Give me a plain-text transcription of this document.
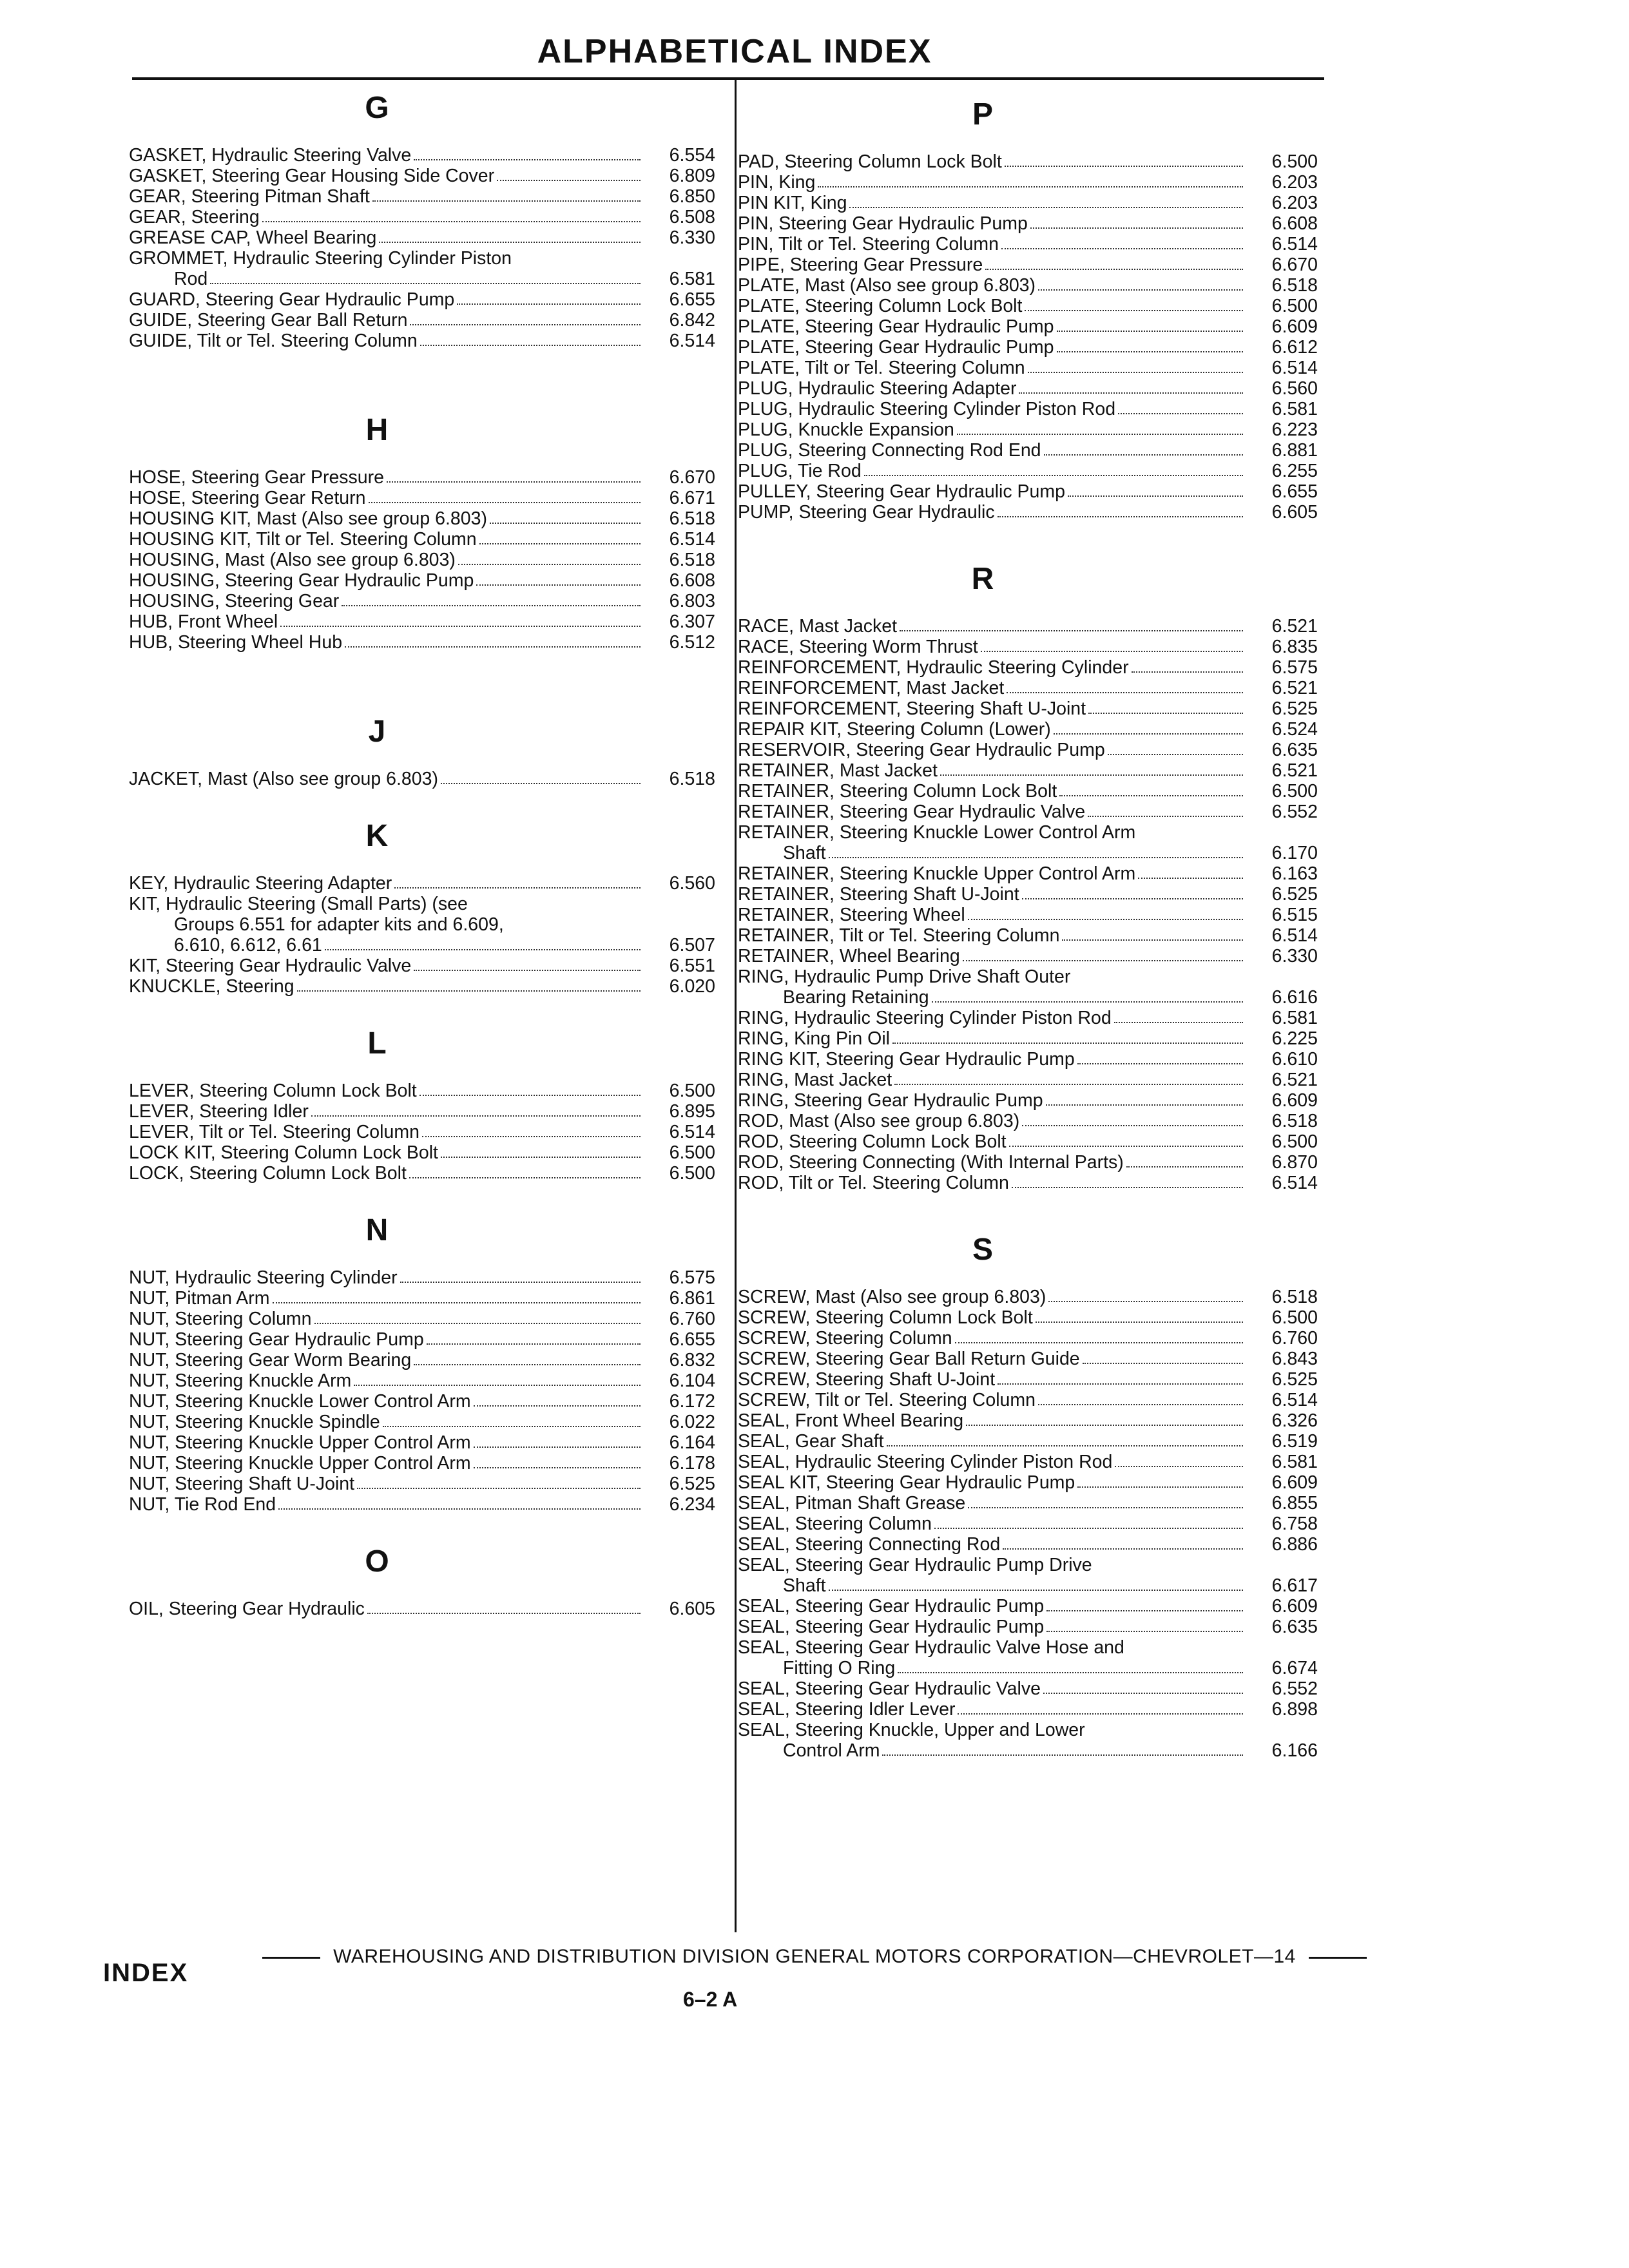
ALPHABETICAL INDEX
G
GASKET, Hydraulic Steering Valve	6.554
GASKET, Steering Gear Housing Side Cover	6.809
GEAR, Steering Pitman Shaft	6.850
GEAR, Steering	6.508
GREASE CAP, Wheel Bearing	6.330
GROMMET, Hydraulic Steering Cylinder Piston
Rod	6.581
GUARD, Steering Gear Hydraulic Pump	6.655
GUIDE, Steering Gear Ball Return	6.842
GUIDE, Tilt or Tel. Steering Column	6.514
H
HOSE, Steering Gear Pressure	6.670
HOSE, Steering Gear Return	6.671
HOUSING KIT, Mast (Also see group 6.803)	6.518
HOUSING KIT, Tilt or Tel. Steering Column	6.514
HOUSING, Mast (Also see group 6.803)	6.518
HOUSING, Steering Gear Hydraulic Pump	6.608
HOUSING, Steering Gear	6.803
HUB, Front Wheel	6.307
HUB, Steering Wheel Hub	6.512
J
JACKET, Mast (Also see group 6.803)	6.518
K
KEY, Hydraulic Steering Adapter	6.560
KIT, Hydraulic Steering (Small Parts) (see
Groups 6.551 for adapter kits and 6.609,
6.610, 6.612, 6.61	6.507
KIT, Steering Gear Hydraulic Valve	6.551
KNUCKLE, Steering	6.020
L
LEVER, Steering Column Lock Bolt	6.500
LEVER, Steering Idler	6.895
LEVER, Tilt or Tel. Steering Column	6.514
LOCK KIT, Steering Column Lock Bolt	6.500
LOCK, Steering Column Lock Bolt	6.500
N
NUT, Hydraulic Steering Cylinder	6.575
NUT, Pitman Arm	6.861
NUT, Steering Column	6.760
NUT, Steering Gear Hydraulic Pump	6.655
NUT, Steering Gear Worm Bearing	6.832
NUT, Steering Knuckle Arm	6.104
NUT, Steering Knuckle Lower Control Arm	6.172
NUT, Steering Knuckle Spindle	6.022
NUT, Steering Knuckle Upper Control Arm	6.164
NUT, Steering Knuckle Upper Control Arm	6.178
NUT, Steering Shaft U-Joint	6.525
NUT, Tie Rod End	6.234
O
OIL, Steering Gear Hydraulic	6.605
P
PAD, Steering Column Lock Bolt	6.500
PIN, King	6.203
PIN KIT, King	6.203
PIN, Steering Gear Hydraulic Pump	6.608
PIN, Tilt or Tel. Steering Column	6.514
PIPE, Steering Gear Pressure	6.670
PLATE, Mast (Also see group 6.803)	6.518
PLATE, Steering Column Lock Bolt	6.500
PLATE, Steering Gear Hydraulic Pump	6.609
PLATE, Steering Gear Hydraulic Pump	6.612
PLATE, Tilt or Tel. Steering Column	6.514
PLUG, Hydraulic Steering Adapter	6.560
PLUG, Hydraulic Steering Cylinder Piston Rod	6.581
PLUG, Knuckle Expansion	6.223
PLUG, Steering Connecting Rod End	6.881
PLUG, Tie Rod	6.255
PULLEY, Steering Gear Hydraulic Pump	6.655
PUMP, Steering Gear Hydraulic	6.605
R
RACE, Mast Jacket	6.521
RACE, Steering Worm Thrust	6.835
REINFORCEMENT, Hydraulic Steering Cylinder	6.575
REINFORCEMENT, Mast Jacket	6.521
REINFORCEMENT, Steering Shaft U-Joint	6.525
REPAIR KIT, Steering Column (Lower)	6.524
RESERVOIR, Steering Gear Hydraulic Pump	6.635
RETAINER, Mast Jacket	6.521
RETAINER, Steering Column Lock Bolt	6.500
RETAINER, Steering Gear Hydraulic Valve	6.552
RETAINER, Steering Knuckle Lower Control Arm
Shaft	6.170
RETAINER, Steering Knuckle Upper Control Arm	6.163
RETAINER, Steering Shaft U-Joint	6.525
RETAINER, Steering Wheel	6.515
RETAINER, Tilt or Tel. Steering Column	6.514
RETAINER, Wheel Bearing	6.330
RING, Hydraulic Pump Drive Shaft Outer
Bearing Retaining	6.616
RING, Hydraulic Steering Cylinder Piston Rod	6.581
RING, King Pin Oil	6.225
RING KIT, Steering Gear Hydraulic Pump	6.610
RING, Mast Jacket	6.521
RING, Steering Gear Hydraulic Pump	6.609
ROD, Mast (Also see group 6.803)	6.518
ROD, Steering Column Lock Bolt	6.500
ROD, Steering Connecting (With Internal Parts)	6.870
ROD, Tilt or Tel. Steering Column	6.514
S
SCREW, Mast (Also see group 6.803)	6.518
SCREW, Steering Column Lock Bolt	6.500
SCREW, Steering Column	6.760
SCREW, Steering Gear Ball Return Guide	6.843
SCREW, Steering Shaft U-Joint	6.525
SCREW, Tilt or Tel. Steering Column	6.514
SEAL, Front Wheel Bearing	6.326
SEAL, Gear Shaft	6.519
SEAL, Hydraulic Steering Cylinder Piston Rod	6.581
SEAL KIT, Steering Gear Hydraulic Pump	6.609
SEAL, Pitman Shaft Grease	6.855
SEAL, Steering Column	6.758
SEAL, Steering Connecting Rod	6.886
SEAL, Steering Gear Hydraulic Pump Drive
Shaft	6.617
SEAL, Steering Gear Hydraulic Pump	6.609
SEAL, Steering Gear Hydraulic Pump	6.635
SEAL, Steering Gear Hydraulic Valve Hose and
Fitting O Ring	6.674
SEAL, Steering Gear Hydraulic Valve	6.552
SEAL, Steering Idler Lever	6.898
SEAL, Steering Knuckle, Upper and Lower
Control Arm	6.166
WAREHOUSING AND DISTRIBUTION DIVISION GENERAL MOTORS CORPORATION—CHEVROLET—14
INDEX
6–2 A
